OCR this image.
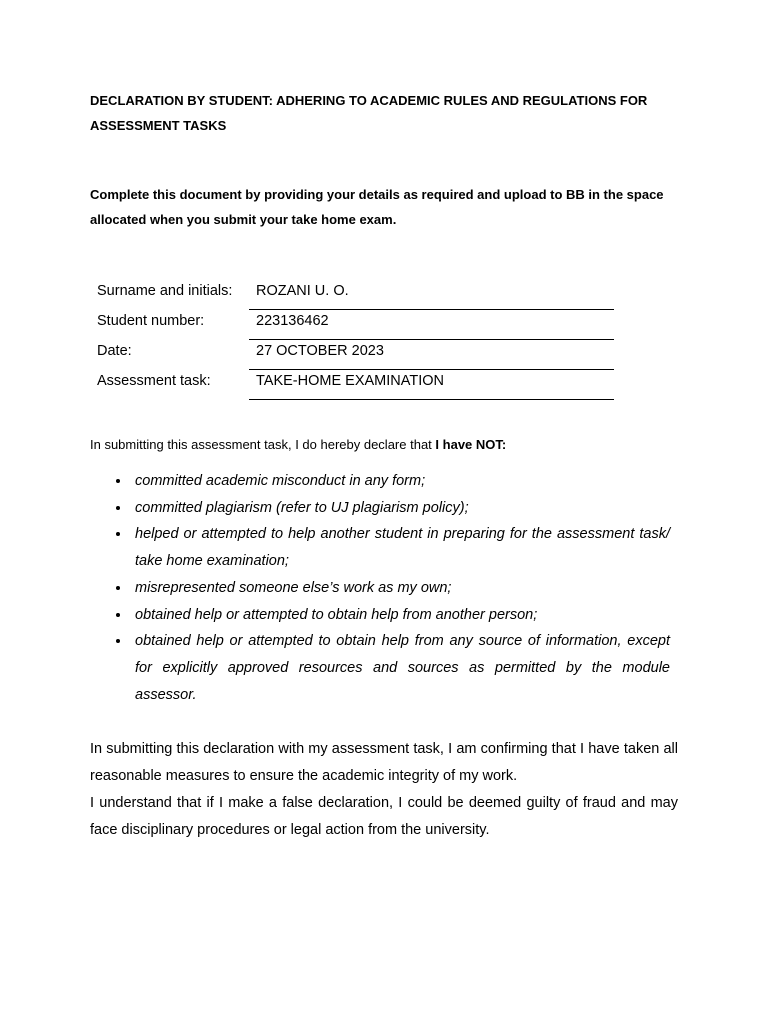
DECLARATION BY STUDENT: ADHERING TO ACADEMIC RULES AND REGULATIONS FOR ASSESSMENT TASKS

Complete this document by providing your details as required and upload to BB in the space allocated when you submit your take home exam.

Surname and initials:	ROZANI U. O.
Student number:	223136462
Date:	27 OCTOBER 2023
Assessment task:	TAKE-HOME EXAMINATION

In submitting this assessment task, I do hereby declare that I have NOT:

committed academic misconduct in any form;
committed plagiarism (refer to UJ plagiarism policy);
helped or attempted to help another student in preparing for the assessment task/ take home examination;
misrepresented someone else’s work as my own;
obtained help or attempted to obtain help from another person;
obtained help or attempted to obtain help from any source of information, except for explicitly approved resources and sources as permitted by the module assessor.

In submitting this declaration with my assessment task, I am confirming that I have taken all reasonable measures to ensure the academic integrity of my work.

I understand that if I make a false declaration, I could be deemed guilty of fraud and may face disciplinary procedures or legal action from the university.
